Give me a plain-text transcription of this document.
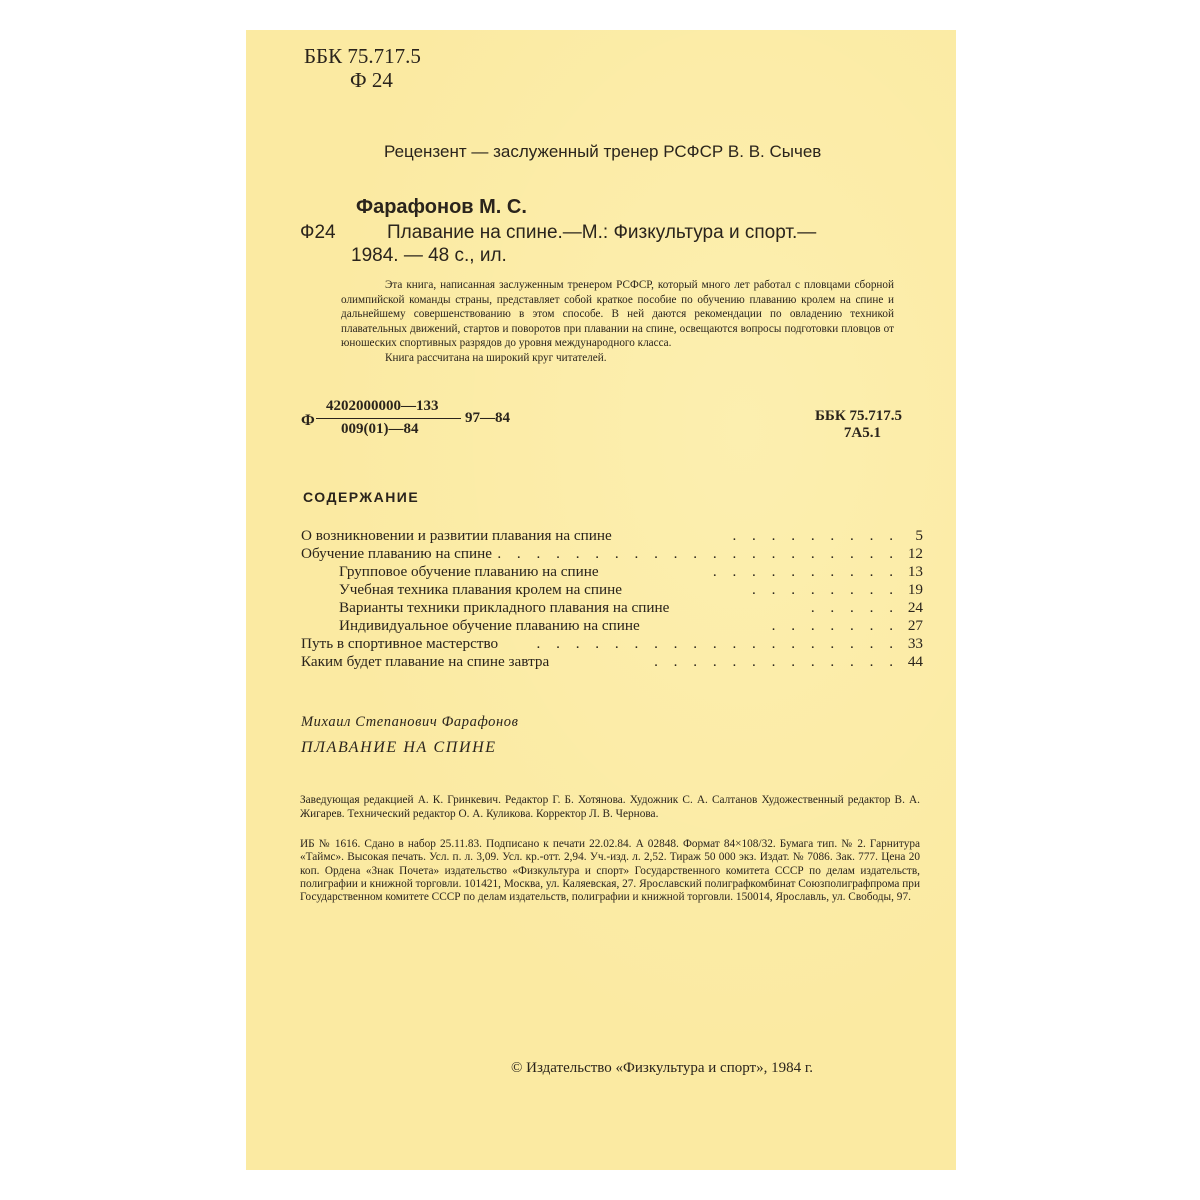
ББК 75.717.5
Ф 24
Рецензент — заслуженный тренер РСФСР В. В. Сычев
Фарафонов М. С.
Ф24	Плавание на спине.—М.: Физкультура и спорт.—
1984. — 48 с., ил.

Эта книга, написанная заслуженным тренером РСФСР, который много лет работал с пловцами сборной олимпийской команды страны, представляет собой краткое пособие по обучению плаванию кролем на спине и дальнейшему совершенствованию в этом способе. В ней даются рекомендации по овладению техникой плавательных движений, стартов и поворотов при плавании на спине, освещаются вопросы подготовки пловцов от юношеских спортивных разрядов до уровня международного класса.

Книга рассчитана на широкий круг читателей.

Ф
4202000000—133
009(01)—84
97—84	ББК 75.717.5
7А5.1
СОДЕРЖАНИЕ
О возникновении и развитии плавания на спине	. . . . . . . . .	5
Обучение плаванию на спине . . . . . . . . . . . . . . . . . . . . . 12
Групповое обучение плаванию на спине	. . . . . . . . . . 13
Учебная техника плавания кролем на спине	. . . . . . . . 19
Варианты техники прикладного плавания на спине	. . . . . 24
Индивидуальное обучение плаванию на спине	. . . . . . . 27
Путь в спортивное мастерство	. . . . . . . . . . . . . . . . . . . 33
Каким будет плавание на спине завтра	. . . . . . . . . . . . . 44
Михаил Степанович Фарафонов
ПЛАВАНИЕ НА СПИНЕ
Заведующая редакцией А. К. Гринкевич. Редактор Г. Б. Хотянова. Художник С. А. Салтанов Художественный редактор В. А. Жигарев. Технический редактор О. А. Куликова. Корректор Л. В. Чернова.
ИБ № 1616. Сдано в набор 25.11.83. Подписано к печати 22.02.84. А 02848. Формат 84×108/32. Бумага тип. № 2. Гарнитура «Таймс». Высокая печать. Усл. п. л. 3,09. Усл. кр.-отт. 2,94. Уч.-изд. л. 2,52. Тираж 50 000 экз. Издат. № 7086. Зак. 777. Цена 20 коп. Ордена «Знак Почета» издательство «Физкультура и спорт» Государственного комитета СССР по делам издательств, полиграфии и книжной торговли. 101421, Москва, ул. Каляевская, 27. Ярославский полиграфкомбинат Союзполиграфпрома при Государственном комитете СССР по делам издательств, полиграфии и книжной торговли. 150014, Ярославль, ул. Свободы, 97.
© Издательство «Физкультура и спорт», 1984 г.
